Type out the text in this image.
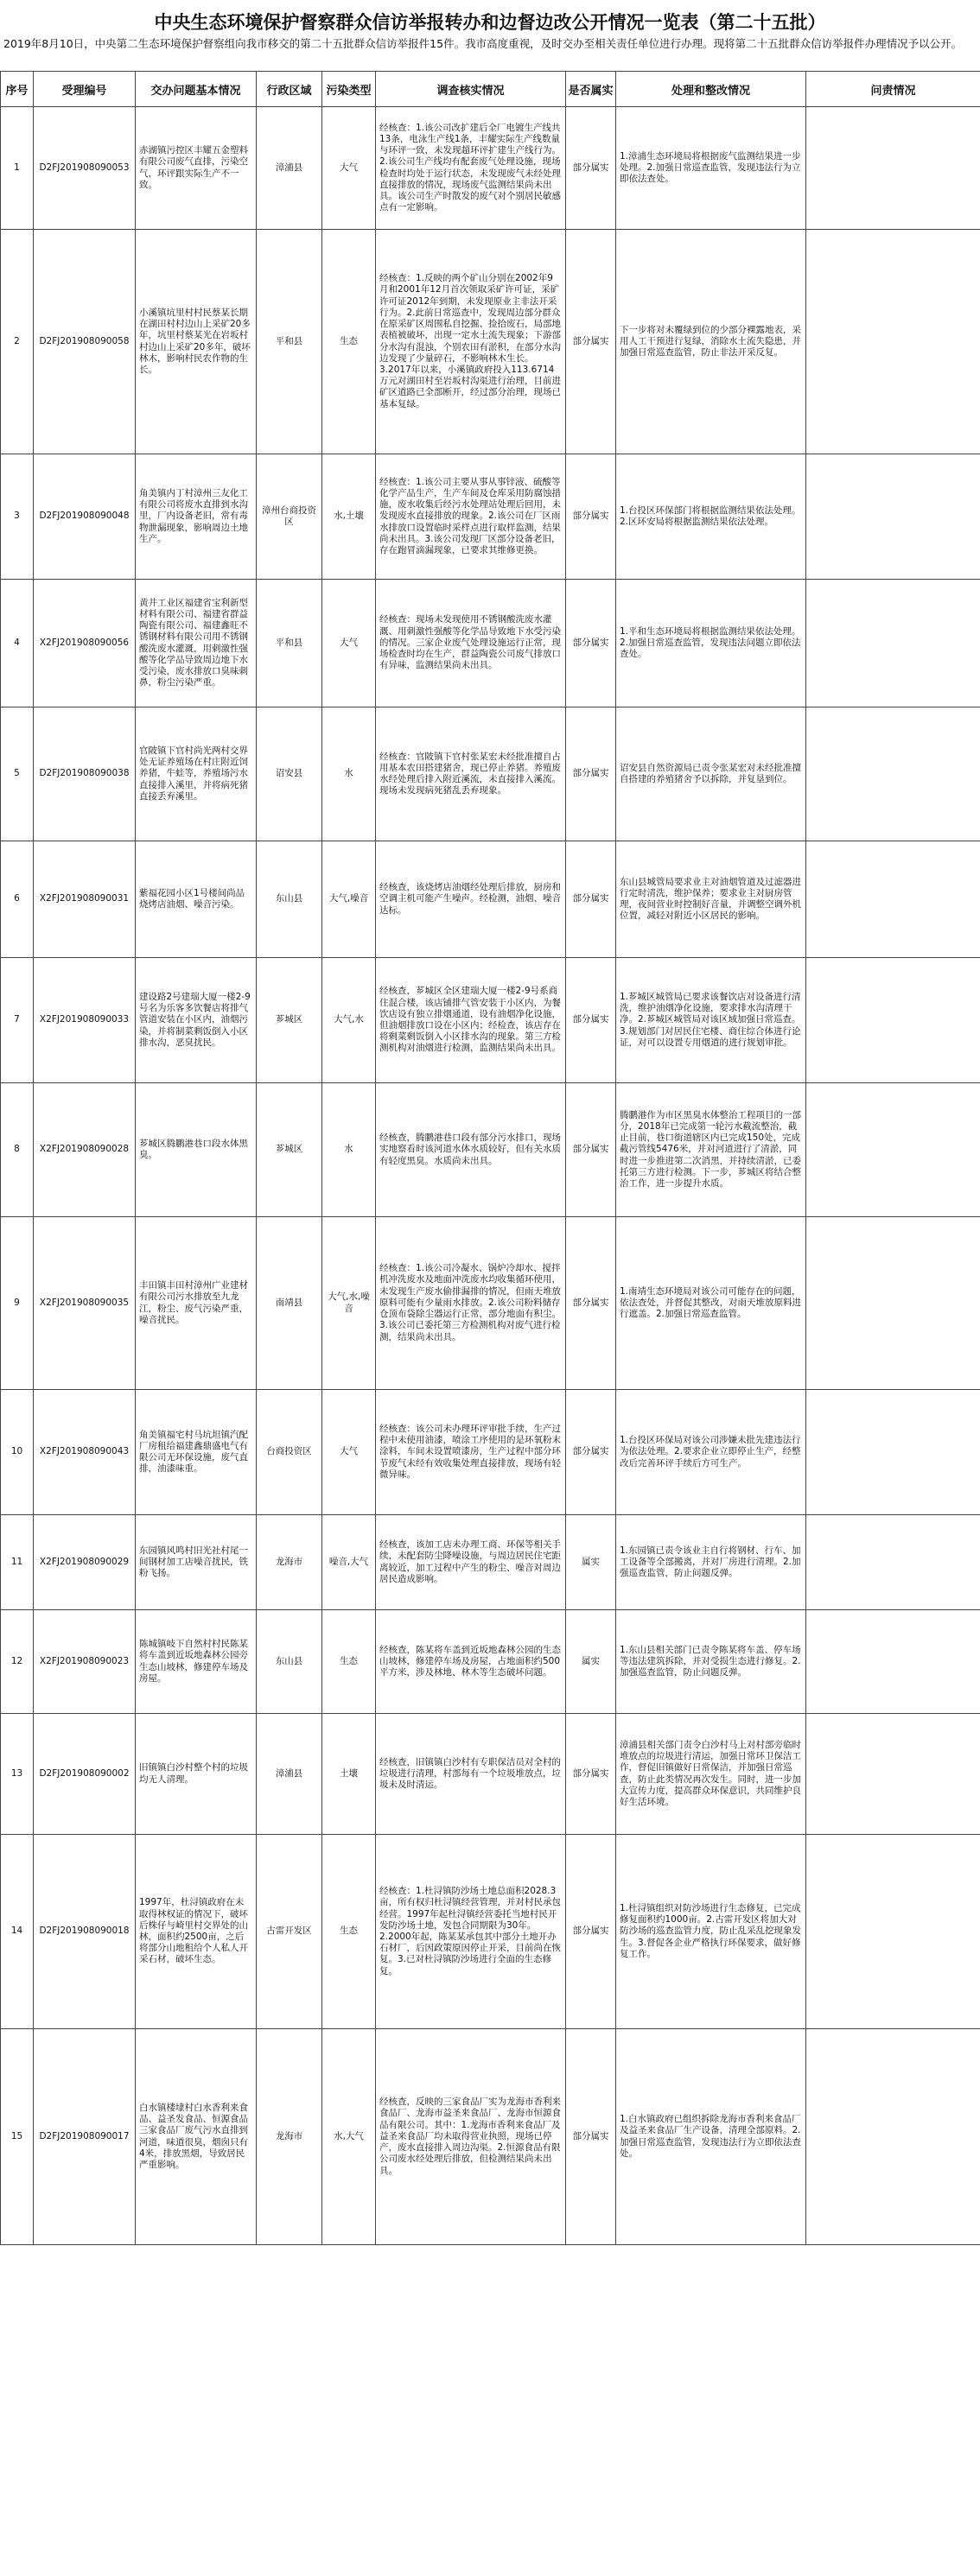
中央生态环境保护督察群众信访举报转办和边督边改公开情况一览表（第二十五批）
2019年8月10日，中央第二生态环境保护督察组向我市移交的第二十五批群众信访举报件15件。我市高度重视，及时交办至相关责任单位进行办理。现将第二十五批群众信访举报件办理情况予以公开。
序号	受理编号	交办问题基本情况	行政区域	污染类型	调查核实情况	是否属实	处理和整改情况	问责情况
1	D2FJ201908090053	赤湖镇污控区丰耀五金塑料有限公司废气直排，污染空气，环评跟实际生产不一致。	漳浦县	大气	经核查：1.该公司改扩建后全厂电镀生产线共13条，电泳生产线1条，丰耀实际生产线数量与环评一致，未发现超环评扩建生产线行为。2.该公司生产线均有配套废气处理设施，现场检查时均处于运行状态，未发现废气未经处理直接排放的情况，现场废气监测结果尚未出具。该公司生产时散发的废气对个别居民敏感点有一定影响。	部分属实	1.漳浦生态环境局将根据废气监测结果进一步处理。2.加强日常巡查监管，发现违法行为立即依法查处。	
2	D2FJ201908090058	小溪镇坑里村村民蔡某长期在湖田村村边山上采矿20多年，坑里村蔡某光在岩坂村村边山上采矿20多年，破坏林木，影响村民农作物的生长。	平和县	生态	经核查：1.反映的两个矿山分别在2002年9月和2001年12月首次领取采矿许可证，采矿许可证2012年到期，未发现原业主非法开采行为。2.此前日常巡查中，发现周边部分群众在原采矿区周围私自挖掘、捡拾废石，局部地表植被破坏，出现一定水土流失现象；下游部分水沟有混浊，个别农田有淤积，在部分水沟边发现了少量碎石，不影响林木生长。3.2017年以来，小溪镇政府投入113.6714万元对湖田村至岩坂村沟渠进行治理，目前进矿区道路已全部断开，经过部分治理，现场已基本复绿。	部分属实	下一步将对未覆绿到位的少部分裸露地表，采用人工干预进行复绿，消除水土流失隐患，并加强日常巡查监管，防止非法开采反复。	
3	D2FJ201908090048	角美镇内丁村漳州三友化工有限公司将废水直排到水沟里，厂内设备老旧，常有毒物泄漏现象，影响周边土地生产。	漳州台商投资区	水,土壤	经核查：1.该公司主要从事从事锌液、硫酸等化学产品生产，生产车间及仓库采用防腐蚀措施，废水收集后经污水处理站处理后回用，未发现废水直接排放的现象。2.该公司在厂区雨水排放口设置临时采样点进行取样监测，结果尚未出具。3.该公司发现厂区部分设备老旧，存在跑冒滴漏现象，已要求其维修更换。	部分属实	1.台投区环保部门将根据监测结果依法处理。2.区环安局将根据监测结果依法处理。	
4	X2FJ201908090056	黄井工业区福建省宝利新型材料有限公司、福建省群益陶瓷有限公司、福建鑫旺不锈钢材料有限公司用不锈钢酸洗废水灌溉，用刺激性强酸等化学品导致周边地下水受污染，废水排放口臭味刺鼻，粉尘污染严重。	平和县	大气	经核查：现场未发现使用不锈钢酸洗废水灌溉、用刺激性强酸等化学品导致地下水受污染的情况。三家企业废气处理设施运行正常，现场检查时均在生产，群益陶瓷公司废气排放口有异味，监测结果尚未出具。	部分属实	1.平和生态环境局将根据监测结果依法处理。2.加强日常巡查监管，发现违法问题立即依法查处。	
5	D2FJ201908090038	官陂镇下官村尚光两村交界处无证养殖场在村庄附近饲养猪，牛蛙等，养殖场污水直接排入溪里，并将病死猪直接丢弃溪里。	诏安县	水	经核查：官陂镇下官村张某宏未经批准擅自占用基本农田搭建猪舍，现已停止养猪。养殖废水经处理后排入附近溪流，未直接排入溪流。现场未发现病死猪乱丢弃现象。	部分属实	诏安县自然资源局已责令张某宏对未经批准擅自搭建的养殖猪舍予以拆除，并复垦到位。	
6	X2FJ201908090031	紫福花园小区1号楼间尚品烧烤店油烟、噪音污染。	东山县	大气,噪音	经核查，该烧烤店油烟经处理后排放，厨房和空调主机可能产生噪声。经检测，油烟、噪音达标。	部分属实	东山县城管局要求业主对油烟管道及过滤器进行定时清洗，维护保养；要求业主对厨房管理，夜间营业时控制好音量，并调整空调外机位置，减轻对附近小区居民的影响。	
7	X2FJ201908090033	建设路2号建瑞大厦一楼2-9号名为乐客多饮餐店将排气管道安装在小区内，油烟污染，并将制菜剩饭倒入小区排水沟，恶臭扰民。	芗城区	大气,水	经核查，芗城区全区建瑞大厦一楼2-9号系商住混合楼，该店铺排气管安装于小区内，为餐饮店设有独立排烟通道，设有油烟净化设施，但油烟排放口设在小区内；经检查，该店存在将剩菜剩饭倒入小区排水沟的现象。第三方检测机构对油烟进行检测，监测结果尚未出具。	部分属实	1.芗城区城管局已要求该餐饮店对设备进行清洗，维护油烟净化设施，要求排水沟清理干净。2.芗城区城管局对该区域加强日常巡查。3.规划部门对居民住宅楼、商住综合体进行论证，对可以设置专用烟道的进行规划审批。	
8	X2FJ201908090028	芗城区腾鹏港巷口段水体黑臭。	芗城区	水	经核查，腾鹏港巷口段有部分污水排口，现场实地察看时该河道水体水质较好，但有关水质有轻度黑臭。水质尚未出具。	部分属实	腾鹏港作为市区黑臭水体整治工程项目的一部分，2018年已完成第一轮污水截流整治，截止目前，巷口街道辖区内已完成150处，完成截污管线5476米，并对河道进行了清淤，同时进一步推进第二次消黑，并持续清淤，已委托第三方进行检测。下一步，芗城区将结合整治工作，进一步提升水质。	
9	X2FJ201908090035	丰田镇丰田村漳州广业建材有限公司污水排放至九龙江，粉尘、废气污染严重，噪音扰民。	南靖县	大气,水,噪音	经核查：1.该公司冷凝水、锅炉冷却水、搅拌机冲洗废水及地面冲洗废水均收集循环使用，未发现生产废水偷排漏排的情况，但雨天堆放原料可能有少量雨水排放。2.该公司粉料储存仓顶布袋除尘器运行正常，部分地面有积尘。3.该公司已委托第三方检测机构对废气进行检测，结果尚未出具。	部分属实	1.南靖生态环境局对该公司可能存在的问题，依法查处，并督促其整改，对雨天堆放原料进行遮盖。2.加强日常巡查监管。	
10	X2FJ201908090043	角美镇福宅村马坑坦镇汽配厂房租给福建鑫鼎盛电气有限公司无环保设施，废气直排，油漆味重。	台商投资区	大气	经核查：该公司未办理环评审批手续，生产过程中未使用油漆，喷涂工序使用的是环氧粉末涂料，车间未设置喷漆房，生产过程中部分环节废气未经有效收集处理直接排放，现场有轻微异味。	部分属实	1.台投区环保局对该公司涉嫌未批先建违法行为依法处理。2.要求企业立即停止生产，经整改后完善环评手续后方可生产。	
11	X2FJ201908090029	东园镇风鸣村旧光社村尾一间钢材加工店噪音扰民，铁粉飞扬。	龙海市	噪音,大气	经核查，该加工店未办理工商、环保等相关手续，未配套防尘降噪设施，与周边居民住宅距离较近，加工过程中产生的粉尘、噪音对周边居民造成影响。	属实	1.东园镇已责令该业主自行将钢材、行车、加工设备等全部搬离，并对厂房进行清理。2.加强巡查监管，防止问题反弹。	
12	X2FJ201908090023	陈城镇岐下自然村村民陈某将车盖到近坂地森林公园旁生态山坡林，修建停车场及房屋。	东山县	生态	经核查，陈某将车盖到近坂地森林公园的生态山坡林，修建停车场及房屋，占地面积约500平方米，涉及林地、林木等生态破坏问题。	属实	1.东山县相关部门已责令陈某将车盖、停车场等违法建筑拆除，并对受损生态进行修复。2.加强巡查监管，防止问题反弹。	
13	D2FJ201908090002	旧镇镇白沙村整个村的垃圾均无人清理。	漳浦县	土壤	经核查，旧镇镇白沙村有专职保洁员对全村的垃圾进行清理，村部每有一个垃圾堆放点，垃圾未及时清运。	部分属实	漳浦县相关部门责令白沙村马上对村部旁临时堆放点的垃圾进行清运，加强日常环卫保洁工作，督促旧镇做好日常保洁，并加强日常巡查，防止此类情况再次发生。同时，进一步加大宣传力度，提高群众环保意识，共同维护良好生活环境。	
14	D2FJ201908090018	1997年，杜浔镇政府在未取得林权证的情况下，破坏后株仔与崎里村交界处的山林，面积约2500亩，之后将部分山地租给个人私人开采石材，破坏生态。	古雷开发区	生态	经核查：1.杜浔镇防沙场土地总面积2028.3亩，所有权归杜浔镇经营管理，并对村民承包经营。1997年起杜浔镇经营委托当地村民开发防沙场土地，发包合同期限为30年。2.2000年起，陈某某承包其中部分土地开办石材厂，后因政策原因停止开采，目前尚在恢复。3.已对杜浔镇防沙场进行全面的生态修复。	部分属实	1.杜浔镇组织对防沙场进行生态修复，已完成修复面积约1000亩。2.古雷开发区将加大对防沙场的巡查监管力度，防止乱采乱挖现象发生。3.督促各企业严格执行环保要求，做好修复工作。	
15	D2FJ201908090017	白水镇楼埭村白水香利来食品、益圣发食品、恒源食品三家食品厂废气污水直排到河道，味道很臭，烟囱只有4米，排放黑烟，导致居民严重影响。	龙海市	水,大气	经核查，反映的三家食品厂实为龙海市香利来食品厂、龙海市益圣来食品厂、龙海市恒源食品有限公司。其中：1.龙海市香利来食品厂及益圣来食品厂均未取得营业执照，现场已停产，废水直接排入周边沟渠。2.恒源食品有限公司废水经处理后排放，但检测结果尚未出具。	部分属实	1.白水镇政府已组织拆除龙海市香利来食品厂及益圣来食品厂生产设备，清理全部原料。2.加强日常巡查监管，发现违法行为立即依法查处。	
